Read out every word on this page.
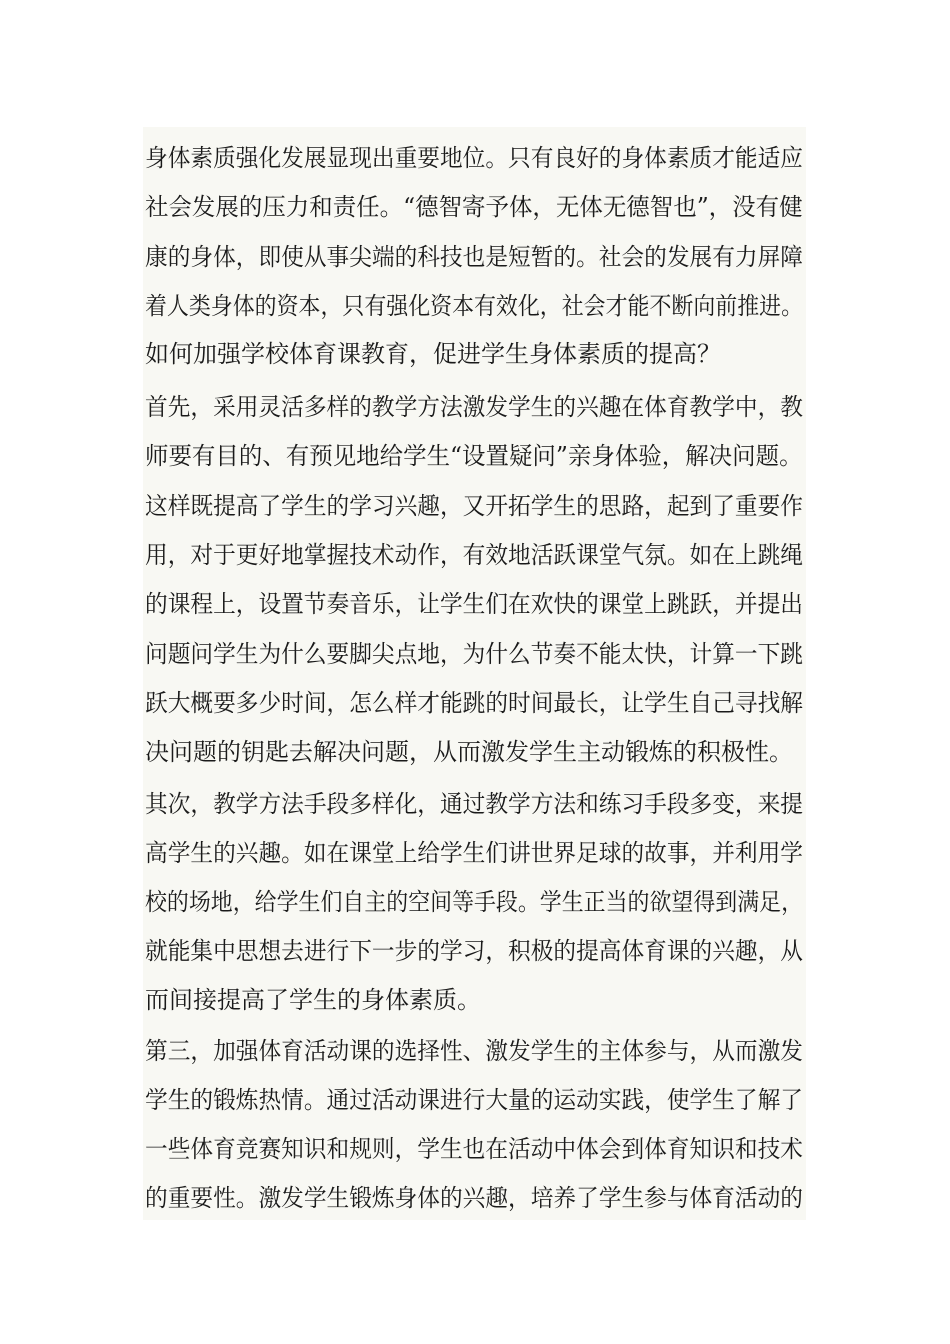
身体素质强化发展显现出重要地位。只有良好的身体素质才能适应
社会发展的压力和责任。“德智寄予体，无体无德智也”，没有健
康的身体，即使从事尖端的科技也是短暂的。社会的发展有力屏障
着人类身体的资本，只有强化资本有效化，社会才能不断向前推进。
如何加强学校体育课教育，促进学生身体素质的提高？
首先，采用灵活多样的教学方法激发学生的兴趣在体育教学中，教
师要有目的、有预见地给学生“设置疑问”亲身体验，解决问题。
这样既提高了学生的学习兴趣，又开拓学生的思路，起到了重要作
用，对于更好地掌握技术动作，有效地活跃课堂气氛。如在上跳绳
的课程上，设置节奏音乐，让学生们在欢快的课堂上跳跃，并提出
问题问学生为什么要脚尖点地，为什么节奏不能太快，计算一下跳
跃大概要多少时间，怎么样才能跳的时间最长，让学生自己寻找解
决问题的钥匙去解决问题，从而激发学生主动锻炼的积极性。
其次，教学方法手段多样化，通过教学方法和练习手段多变，来提
高学生的兴趣。如在课堂上给学生们讲世界足球的故事，并利用学
校的场地，给学生们自主的空间等手段。学生正当的欲望得到满足，
就能集中思想去进行下一步的学习，积极的提高体育课的兴趣，从
而间接提高了学生的身体素质。
第三，加强体育活动课的选择性、激发学生的主体参与，从而激发
学生的锻炼热情。通过活动课进行大量的运动实践，使学生了解了
一些体育竞赛知识和规则，学生也在活动中体会到体育知识和技术
的重要性。激发学生锻炼身体的兴趣，培养了学生参与体育活动的
